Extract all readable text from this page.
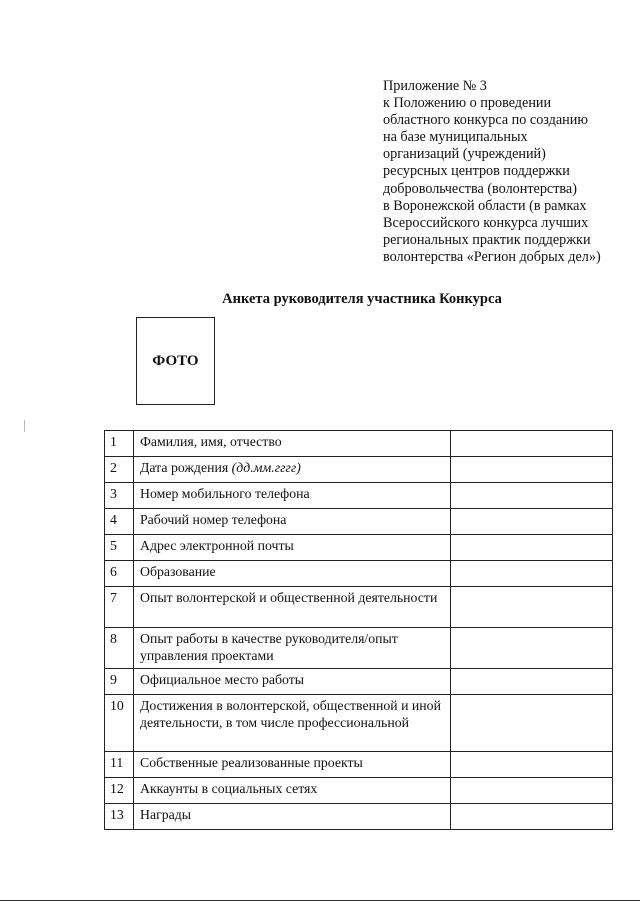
Приложение № 3
к Положению о проведении
областного конкурса по созданию
на базе муниципальных
организаций (учреждений)
ресурсных центров поддержки
добровольчества (волонтерства)
в Воронежской области (в рамках
Всероссийского конкурса лучших
региональных практик поддержки
волонтерства «Регион добрых дел»)
Анкета руководителя участника Конкурса
ФОТО
1	Фамилия, имя, отчество	
2	Дата рождения (дд.мм.гггг)	
3	Номер мобильного телефона	
4	Рабочий номер телефона	
5	Адрес электронной почты	
6	Образование	
7	Опыт волонтерской и общественной деятельности	
8	Опыт работы в качестве руководителя/опыт управления проектами	
9	Официальное место работы	
10	Достижения в волонтерской, общественной и иной деятельности, в том числе профессиональной	
11	Собственные реализованные проекты	
12	Аккаунты в социальных сетях	
13	Награды	
